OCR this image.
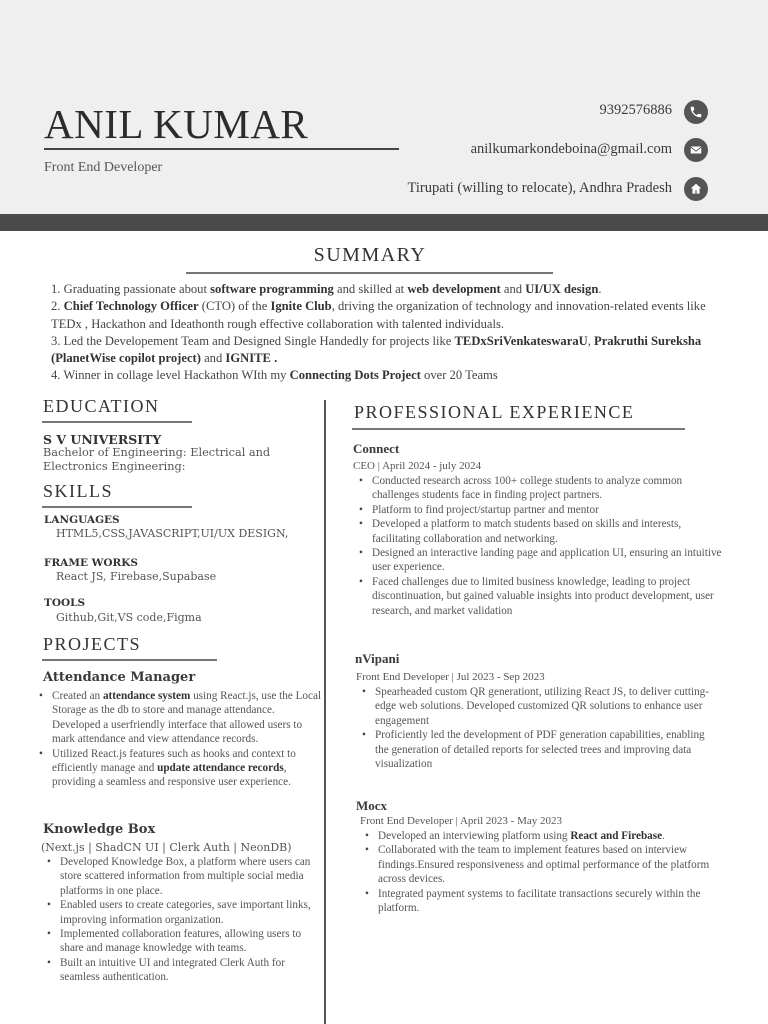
ANIL KUMAR
Front End Developer
9392576886
anilkumarkondeboina@gmail.com
Tirupati (willing to relocate), Andhra Pradesh
SUMMARY

1. Graduating passionate about software programming and skilled at web development and UI/UX design.

2. Chief Technology Officer (CTO) of the Ignite Club, driving the organization of technology and innovation-related events like TEDx , Hackathon and Ideathonth rough effective collaboration with talented individuals.

3. Led the Developement Team and Designed Single Handedly for projects like TEDxSriVenkateswaraU, Prakruthi Sureksha (PlanetWise copilot project) and IGNITE .

4. Winner in collage level Hackathon WIth my Connecting Dots Project over 20 Teams

EDUCATION
S V UNIVERSITY
Bachelor of Engineering: Electrical and Electronics Engineering:
SKILLS
LANGUAGES
HTML5,CSS,JAVASCRIPT,UI/UX DESIGN,
FRAME WORKS
React JS, Firebase,Supabase
TOOLS
Github,Git,VS code,Figma
PROJECTS
Attendance Manager
• Created an attendance system using React.js, use the Local Storage as the db to store and manage attendance. Developed a userfriendly interface that allowed users to mark attendance and view attendance records.
• Utilized React.js features such as hooks and context to efficiently manage and update attendance records, providing a seamless and responsive user experience.
Knowledge Box
(Next.js | ShadCN UI | Clerk Auth | NeonDB)
• Developed Knowledge Box, a platform where users can store scattered information from multiple social media platforms in one place.
• Enabled users to create categories, save important links, improving information organization.
• Implemented collaboration features, allowing users to share and manage knowledge with teams.
• Built an intuitive UI and integrated Clerk Auth for seamless authentication.
PROFESSIONAL EXPERIENCE
Connect
CEO | April 2024 - july 2024
• Conducted research across 100+ college students to analyze common challenges students face in finding project partners.
• Platform to find project/startup partner and mentor
• Developed a platform to match students based on skills and interests, facilitating collaboration and networking.
• Designed an interactive landing page and application UI, ensuring an intuitive user experience.
• Faced challenges due to limited business knowledge, leading to project discontinuation, but gained valuable insights into product development, user research, and market validation
nVipani
Front End Developer | Jul 2023 - Sep 2023
• Spearheaded custom QR generationt, utilizing React JS, to deliver cutting-edge web solutions. Developed customized QR solutions to enhance user engagement
• Proficiently led the development of PDF generation capabilities, enabling the generation of detailed reports for selected trees and improving data visualization
Mocx
Front End Developer | April 2023 - May 2023
• Developed an interviewing platform using React and Firebase.
• Collaborated with the team to implement features based on interview findings.Ensured responsiveness and optimal performance of the platform across devices.
• Integrated payment systems to facilitate transactions securely within the platform.
